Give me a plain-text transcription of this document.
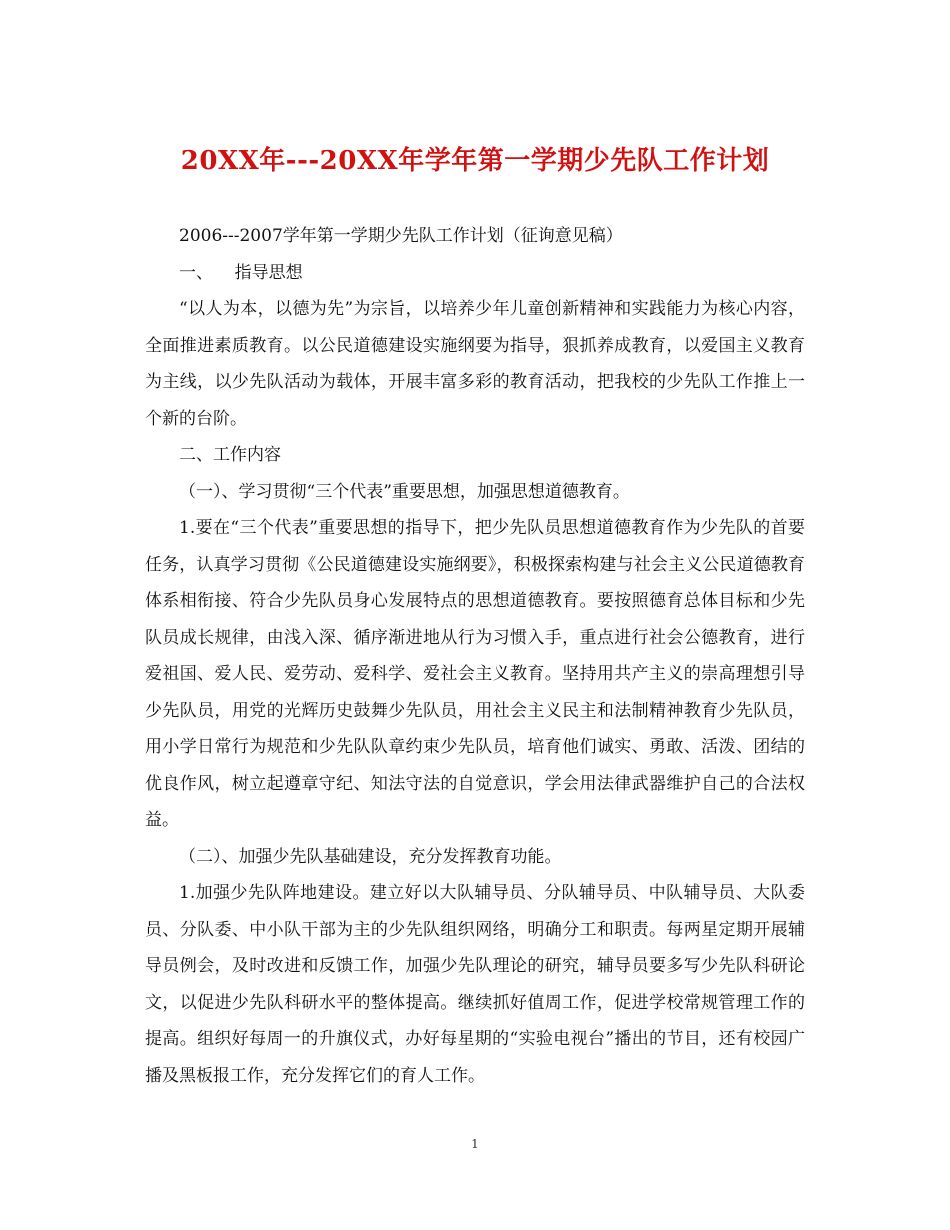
20XX年---20XX年学年第一学期少先队工作计划

2006---2007学年第一学期少先队工作计划（征询意见稿）

一、    指导思想

“以人为本，以德为先”为宗旨，以培养少年儿童创新精神和实践能力为核心内容，全面推进素质教育。以公民道德建设实施纲要为指导，狠抓养成教育，以爱国主义教育为主线，以少先队活动为载体，开展丰富多彩的教育活动，把我校的少先队工作推上一个新的台阶。

二、工作内容

（一）、学习贯彻“三个代表”重要思想，加强思想道德教育。

1.要在“三个代表”重要思想的指导下，把少先队员思想道德教育作为少先队的首要任务，认真学习贯彻《公民道德建设实施纲要》，积极探索构建与社会主义公民道德教育体系相衔接、符合少先队员身心发展特点的思想道德教育。要按照德育总体目标和少先队员成长规律，由浅入深、循序渐进地从行为习惯入手，重点进行社会公德教育，进行爱祖国、爱人民、爱劳动、爱科学、爱社会主义教育。坚持用共产主义的崇高理想引导少先队员，用党的光辉历史鼓舞少先队员，用社会主义民主和法制精神教育少先队员，用小学日常行为规范和少先队队章约束少先队员，培育他们诚实、勇敢、活泼、团结的优良作风，树立起遵章守纪、知法守法的自觉意识，学会用法律武器维护自己的合法权益。

（二）、加强少先队基础建设，充分发挥教育功能。

1.加强少先队阵地建设。建立好以大队辅导员、分队辅导员、中队辅导员、大队委员、分队委、中小队干部为主的少先队组织网络，明确分工和职责。每两星定期开展辅导员例会，及时改进和反馈工作，加强少先队理论的研究，辅导员要多写少先队科研论文，以促进少先队科研水平的整体提高。继续抓好值周工作，促进学校常规管理工作的提高。组织好每周一的升旗仪式，办好每星期的“实验电视台”播出的节目，还有校园广播及黑板报工作，充分发挥它们的育人工作。

1
